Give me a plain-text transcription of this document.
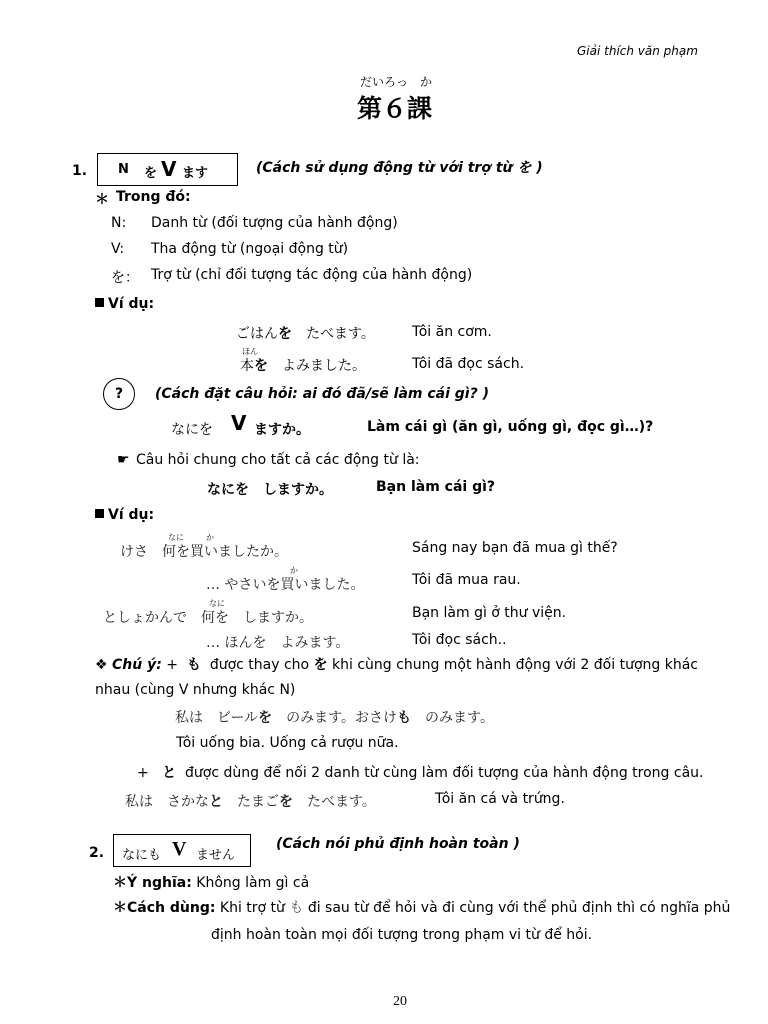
Giải thích văn phạm
だいろっ　か
第６課
1. N を V ます	(Cách sử dụng động từ với trợ từ を )
＊ Trong đó:
N: Danh từ (đối tượng của hành động)
V: Tha động từ (ngoại động từ)
を： Trợ từ (chỉ đối tượng tác động của hành động)
Ví dụ:
ごはんを　 たべます。	Tôi ăn cơm.
ほん
本を　 よみました。	Tôi đã đọc sách.
?	(Cách đặt câu hỏi: ai đó đã/sẽ làm cái gì? )
なにを V ますか。	Làm cái gì (ăn gì, uống gì, đọc gì…)?
☛ Câu hỏi chung cho tất cả các động từ là:
なにを　しますか。	Bạn làm cái gì?
Ví dụ:
なに	か
けさ　何を買いましたか。	Sáng nay bạn đã mua gì thế?
か
… やさいを買いました。	Tôi đã mua rau.
なに
としょかんで　何を　しますか。	Bạn làm gì ở thư viện.
… ほんを　よみます。	Tôi đọc sách..
❖ Chú ý: + も được thay cho を khi cùng chung một hành động với 2 đối tượng khác
nhau (cùng V nhưng khác N)
私は　ビールを　のみます。おさけも　のみます。
Tôi uống bia. Uống cả rượu nữa.
+ と được dùng để nối 2 danh từ cùng làm đối tượng của hành động trong câu.
私は　さかなと　たまごを　たべます。	Tôi ăn cá và trứng.
2. なにも V ません
(Cách nói phủ định hoàn toàn )
＊Ý nghĩa: Không làm gì cả
＊Cách dùng: Khi trợ từ も đi sau từ để hỏi và đi cùng với thể phủ định thì có nghĩa phủ
định hoàn toàn mọi đối tượng trong phạm vi từ để hỏi.
20
